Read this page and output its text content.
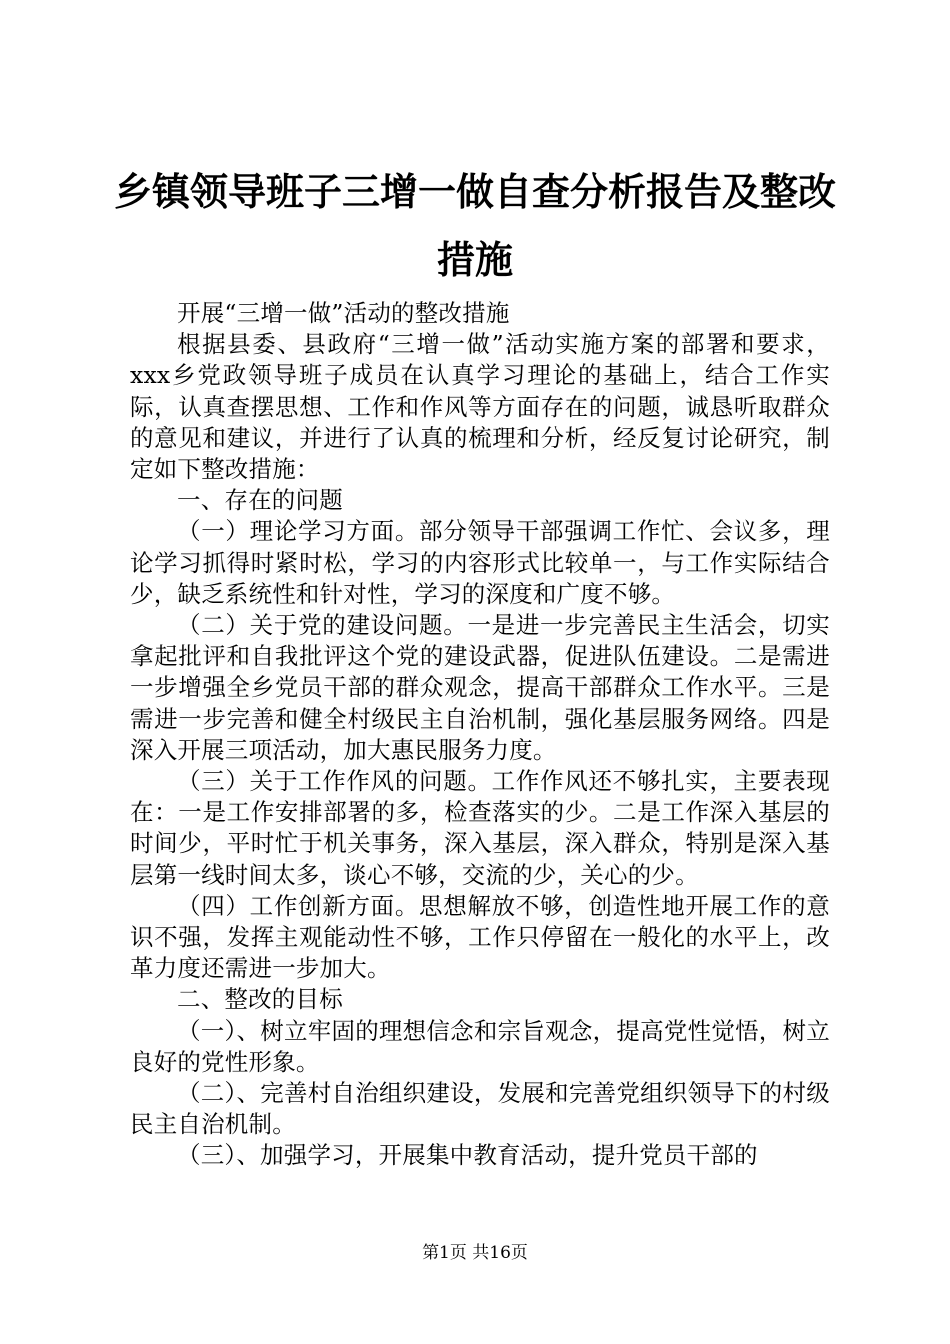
乡镇领导班子三增一做自查分析报告及整改措施

开展“三增一做”活动的整改措施

根据县委、县政府“三增一做”活动实施方案的部署和要求，xxx乡党政领导班子成员在认真学习理论的基础上，结合工作实际，认真查摆思想、工作和作风等方面存在的问题，诚恳听取群众的意见和建议，并进行了认真的梳理和分析，经反复讨论研究，制定如下整改措施：

一、存在的问题

（一）理论学习方面。部分领导干部强调工作忙、会议多，理论学习抓得时紧时松，学习的内容形式比较单一，与工作实际结合少，缺乏系统性和针对性，学习的深度和广度不够。

（二）关于党的建设问题。一是进一步完善民主生活会，切实拿起批评和自我批评这个党的建设武器，促进队伍建设。二是需进一步增强全乡党员干部的群众观念，提高干部群众工作水平。三是需进一步完善和健全村级民主自治机制，强化基层服务网络。四是深入开展三项活动，加大惠民服务力度。

（三）关于工作作风的问题。工作作风还不够扎实，主要表现在：一是工作安排部署的多，检查落实的少。二是工作深入基层的时间少，平时忙于机关事务，深入基层，深入群众，特别是深入基层第一线时间太多，谈心不够，交流的少，关心的少。

（四）工作创新方面。思想解放不够，创造性地开展工作的意识不强，发挥主观能动性不够，工作只停留在一般化的水平上，改革力度还需进一步加大。

二、整改的目标

（一）、树立牢固的理想信念和宗旨观念，提高党性觉悟，树立良好的党性形象。

（二）、完善村自治组织建设，发展和完善党组织领导下的村级民主自治机制。

（三）、加强学习，开展集中教育活动，提升党员干部的

第1页 共16页
